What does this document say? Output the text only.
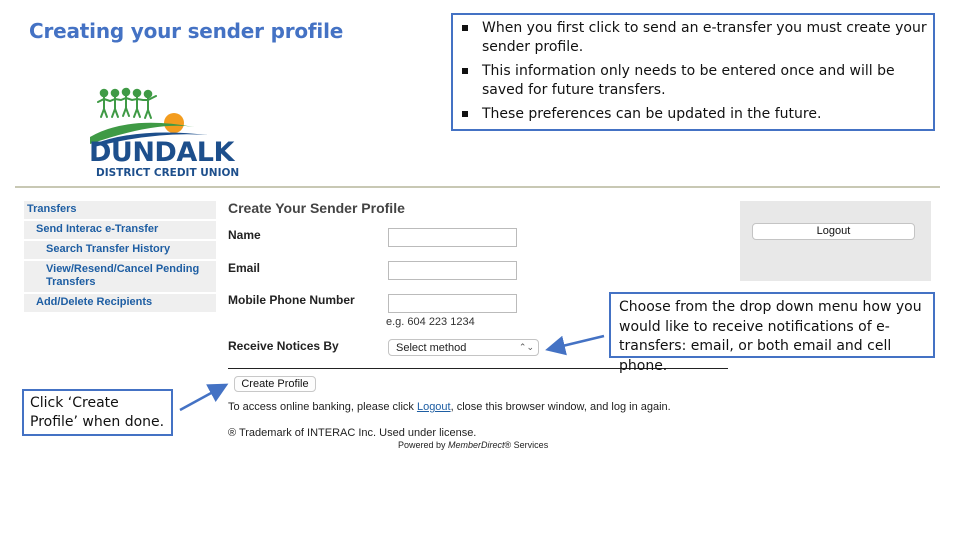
Creating your sender profile	When you first click to send an e-transfer you must create your sender profile.
This information only needs to be entered once and will be saved for future transfers.
These preferences can be updated in the future.
DUNDALK
DISTRICT CREDIT UNION
Transfers
Send Interac e-Transfer
Search Transfer History
View/Resend/Cancel Pending Transfers
Add/Delete Recipients
Create Your Sender Profile
Name
Email
Mobile Phone Number
e.g. 604 223 1234
Receive Notices By	Select method	⌃⌄
Create Profile
To access online banking, please click Logout, close this browser window, and log in again.
® Trademark of INTERAC Inc. Used under license.
Powered by MemberDirect® Services
Logout
Choose from the drop down menu how you would like to receive notifications of e-transfers: email, or both email and cell phone.
Click ‘Create Profile’ when done.
